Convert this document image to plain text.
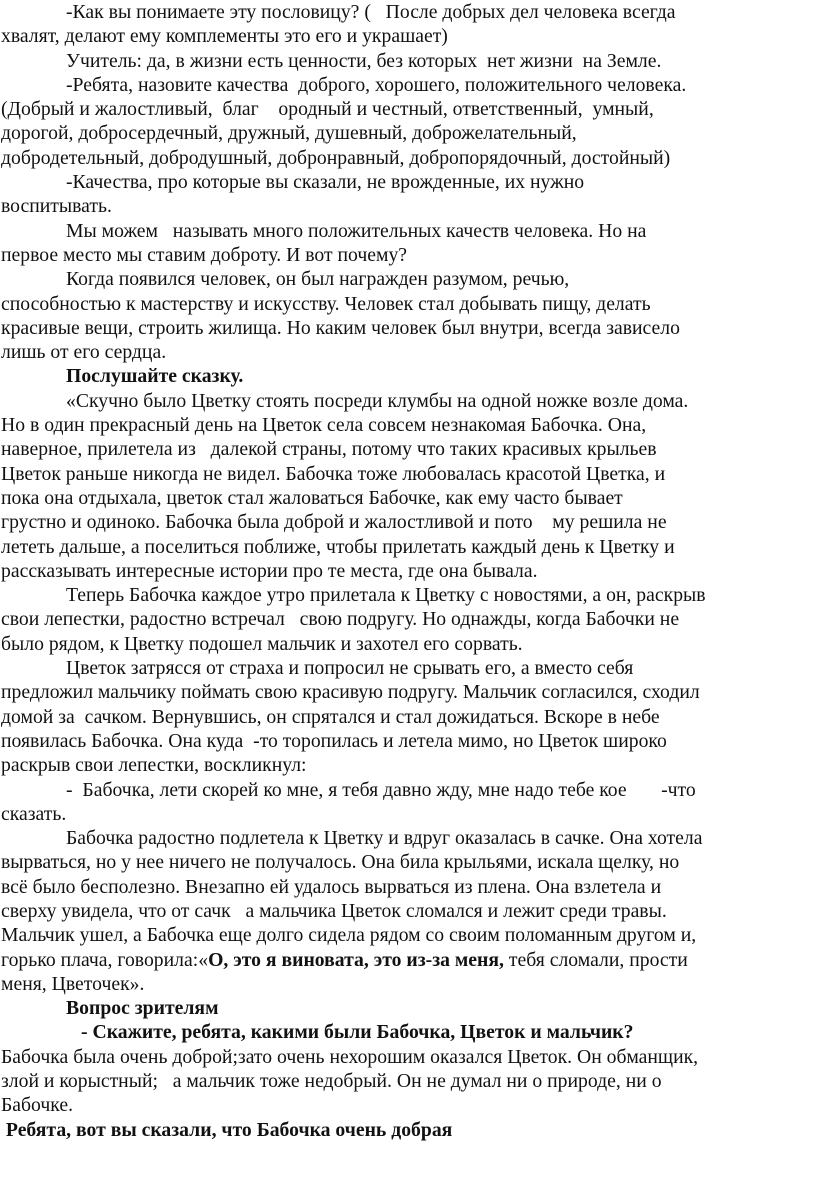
-Как вы понимаете эту пословицу? (   После добрых дел человека всегда
хвалят, делают ему комплементы это его и украшает)
Учитель: да, в жизни есть ценности, без которых  нет жизни  на Земле.
-Ребята, назовите качества  доброго, хорошего, положительного человека.
(Добрый и жалостливый,  благ    ородный и честный, ответственный,  умный,
дорогой, добросердечный, дружный, душевный, доброжелательный,
добродетельный, добродушный, добронравный, добропорядочный, достойный)
-Качества, про которые вы сказали, не врожденные, их нужно
воспитывать.
Мы можем   называть много положительных качеств человека. Но на
первое место мы ставим доброту. И вот почему?
Когда появился человек, он был награжден разумом, речью,
способностью к мастерству и искусству. Человек стал добывать пищу, делать
красивые вещи, строить жилища. Но каким человек был внутри, всегда зависело
лишь от его сердца.
Послушайте сказку.
«Скучно было Цветку стоять посреди клумбы на одной ножке возле дома.
Но в один прекрасный день на Цветок села совсем незнакомая Бабочка. Она,
наверное, прилетела из   далекой страны, потому что таких красивых крыльев
Цветок раньше никогда не видел. Бабочка тоже любовалась красотой Цветка, и
пока она отдыхала, цветок стал жаловаться Бабочке, как ему часто бывает
грустно и одиноко. Бабочка была доброй и жалостливой и пото    му решила не
лететь дальше, а поселиться поближе, чтобы прилетать каждый день к Цветку и
рассказывать интересные истории про те места, где она бывала.
Теперь Бабочка каждое утро прилетала к Цветку с новостями, а он, раскрыв
свои лепестки, радостно встречал   свою подругу. Но однажды, когда Бабочки не
было рядом, к Цветку подошел мальчик и захотел его сорвать.
Цветок затрясся от страха и попросил не срывать его, а вместо себя
предложил мальчику поймать свою красивую подругу. Мальчик согласился, сходил
домой за  сачком. Вернувшись, он спрятался и стал дожидаться. Вскоре в небе
появилась Бабочка. Она куда  -то торопилась и летела мимо, но Цветок широко
раскрыв свои лепестки, воскликнул:
-  Бабочка, лети скорей ко мне, я тебя давно жду, мне надо тебе кое       -что
сказать.
Бабочка радостно подлетела к Цветку и вдруг оказалась в сачке. Она хотела
вырваться, но у нее ничего не получалось. Она била крыльями, искала щелку, но
всё было бесполезно. Внезапно ей удалось вырваться из плена. Она взлетела и
сверху увидела, что от сачк   а мальчика Цветок сломался и лежит среди травы.
Мальчик ушел, а Бабочка еще долго сидела рядом со своим поломанным другом и,
горько плача, говорила:«О, это я виновата, это из-за меня, тебя сломали, прости
меня, Цветочек».
Вопрос зрителям
- Скажите, ребята, какими были Бабочка, Цветок и мальчик?
Бабочка была очень доброй;зато очень нехорошим оказался Цветок. Он обманщик,
злой и корыстный;   а мальчик тоже недобрый. Он не думал ни о природе, ни о
Бабочке.
Ребята, вот вы сказали, что Бабочка очень добрая
